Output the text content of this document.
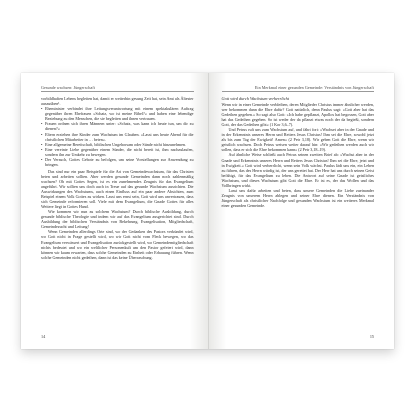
Gesunde wachsen: Jüngerschaft

vorbildhaften Lebens begleiten hat, damit er weiterhin gesung Zeit hat, sein Amt als Ältester auszuüben¹.

• Eheminister verbindet ihre Leitungsverantwortung mit einem spektakulären Auftrag gegenüber ihren Ehefrauen »Schatz, wo ist meine Bibel?« und haben eine lebendige Beziehung zu den Menschen, die sie begleiten und ihnen vertrauen.
• Frauen ordnen sich ihren Männern unter: »Schatz, was kann ich heute tun, um dir zu dienen?«
• Eltern erziehen ihre Kinder zum Wachstum im Glauben. »Lasst uns heute Abend für die christlichen Mitarbeiter in … beten«.
• Eine allgemeine Bereitschaft, biblischen Ungehorsam oder Sünde nicht hinzunehmen.
• Eine vereinte Liebe gegenüber einem Sünder, die nicht bereit ist, ihm nachzulaufen, sondern ihn zur Umkehr zu bewegen.
• Der Versuch, Gottes Gebote zu befolgen, um seine Vorstellungen zur Anwendung zu bringen.

Das sind nur ein paar Beispiele für die Art von Gemeindewachstum, für das Christen beten und arbeiten sollten. Aber werden gesunde Gemeinden dann noch zahlenmäßig wachsen? Ob mit Gottes Segen, ist es ein zunehmendes Zeugnis für das Evangelium angeführt. Wir sollten uns doch auch in Treue auf das gesunde Wachstum ausrichten. Die Auswirkungen des Wachstums, auch einen Einfluss auf ein paar andere Absichten, zum Beispiel einem Volk Gottes zu wirken. Lasst uns ernst sein, Gott wird uns anvertrauen, dass sich Gemeinde reformieren soll. Viele mit dem Evangelium, die Gnade Gottes für alles Weitere liegt in Gottes Hand.

Wie kommen wir nun zu solchem Wachstum? Durch biblische Ausbildung, durch gesunde biblische Theologie und indem wir auf das Evangelium ausgerichtet sind. Durch Ausbildung der biblischen Verständnis von Bekehrung, Evangelisation, Mitgliedschaft, Gemeindezucht und Leitung!

Wenn Gemeinden allerdings Orte sind, wo der Gedanken des Pastors verkündet wird, wo Gott nicht in Frage gestellt wird, wo wir Gott nicht vom Fleck bewegen, wo das Evangelium verwässert und Evangelisation zurückgestellt wird, wo Gemeindemitgliedschaft nichts bedeutet und wo ein weltlicher Personenkult um den Pastor gefeiert wird, dann können wir kaum erwarten, dass solche Gemeinden zu Einheit oder Erbauung führen. Wenn solche Gemeinden nicht gedeihen, dann ist das keine Überraschung.

14
Ein Merkmal einer gesunden Gemeinde: Verständnis von Jüngerschaft
Gott wird durch Wachstum verherrlicht

Wenn wir in einer Gemeinde verbleiben, deren Mitglieder Christus immer ähnlicher werden, wer bekommen dann die Ehre dafür? Gott natürlich, denn Paulus sagt: »Gott aber hat das Gedeihen gegeben.« So sagt also Gott: »Ich habe gepflanzt, Apollos hat begossen, Gott aber hat das Gedeihen gegeben. So ist weder der da pflanzt etwas noch der da begießt, sondern Gott, der das Gedeihen gibt« (1 Kor 3,6–7).

Und Petrus ruft uns zum Wachstum auf, und fährt fort: »Wachset aber in der Gnade und in der Erkenntnis unseres Herrn und Retters Jesus Christus! Ihm sei die Ehre, sowohl jetzt als bis zum Tag der Ewigkeit! Amen« (2 Petr 3,18). Wir geben Gott die Ehre, wenn wir geistlich wachsen. Doch Petrus weisen weiter darauf hin: »Wir gedeihen werden auch wir sollen, dass er sich die Ehre bekommen kann« (2 Petr 3,18–19).

Auf ähnliche Weise schließt auch Petrus seinen zweiten Brief ab: »Wachst aber in der Gnade und Erkenntnis unseres Herrn und Retters Jesus Christus! Ihm sei die Ehre, jetzt und in Ewigkeit.« Gott wird verherrlicht, wenn sein Volk wächst. Paulus lädt uns ein, ein Leben zu führen, das des Herrn würdig ist, der uns gerettet hat. Der Herr hat uns durch seinen Geist befähigt, für das Evangelium zu leben. Die Antwort auf seine Gnade ist geistliches Wachstum, und dieses Wachstum gibt Gott die Ehre. Er ist es, der das Wollen und das Vollbringen wirkt.

Lasst uns dafür arbeiten und beten, dass unsere Gemeinden die Liebe zueinander Zeugnis von unserem Herrn ablegen und seiner Ehre dienen. Ein Verständnis von Jüngerschaft als christlicher Nachfolge und gesunden Wachstum ist ein weiteres Merkmal einer gesunden Gemeinde.

15
